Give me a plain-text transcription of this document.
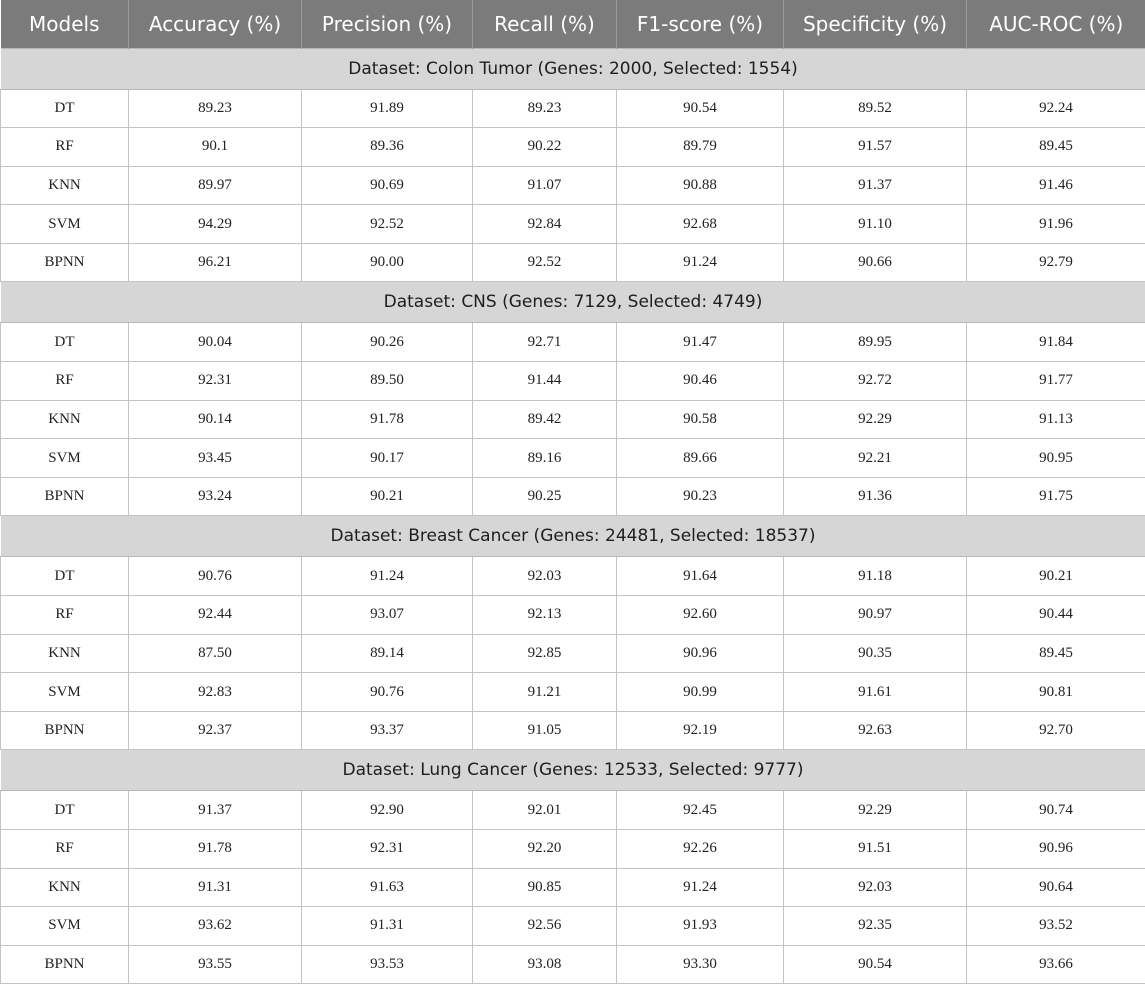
Models	Accuracy (%)	Precision (%)	Recall (%)	F1-score (%)	Specificity (%)	AUC-ROC (%)
Dataset: Colon Tumor (Genes: 2000, Selected: 1554)						
DT	89.23	91.89	89.23	90.54	89.52	92.24
RF	90.1	89.36	90.22	89.79	91.57	89.45
KNN	89.97	90.69	91.07	90.88	91.37	91.46
SVM	94.29	92.52	92.84	92.68	91.10	91.96
BPNN	96.21	90.00	92.52	91.24	90.66	92.79
Dataset: CNS (Genes: 7129, Selected: 4749)						
DT	90.04	90.26	92.71	91.47	89.95	91.84
RF	92.31	89.50	91.44	90.46	92.72	91.77
KNN	90.14	91.78	89.42	90.58	92.29	91.13
SVM	93.45	90.17	89.16	89.66	92.21	90.95
BPNN	93.24	90.21	90.25	90.23	91.36	91.75
Dataset: Breast Cancer (Genes: 24481, Selected: 18537)						
DT	90.76	91.24	92.03	91.64	91.18	90.21
RF	92.44	93.07	92.13	92.60	90.97	90.44
KNN	87.50	89.14	92.85	90.96	90.35	89.45
SVM	92.83	90.76	91.21	90.99	91.61	90.81
BPNN	92.37	93.37	91.05	92.19	92.63	92.70
Dataset: Lung Cancer (Genes: 12533, Selected: 9777)						
DT	91.37	92.90	92.01	92.45	92.29	90.74
RF	91.78	92.31	92.20	92.26	91.51	90.96
KNN	91.31	91.63	90.85	91.24	92.03	90.64
SVM	93.62	91.31	92.56	91.93	92.35	93.52
BPNN	93.55	93.53	93.08	93.30	90.54	93.66
